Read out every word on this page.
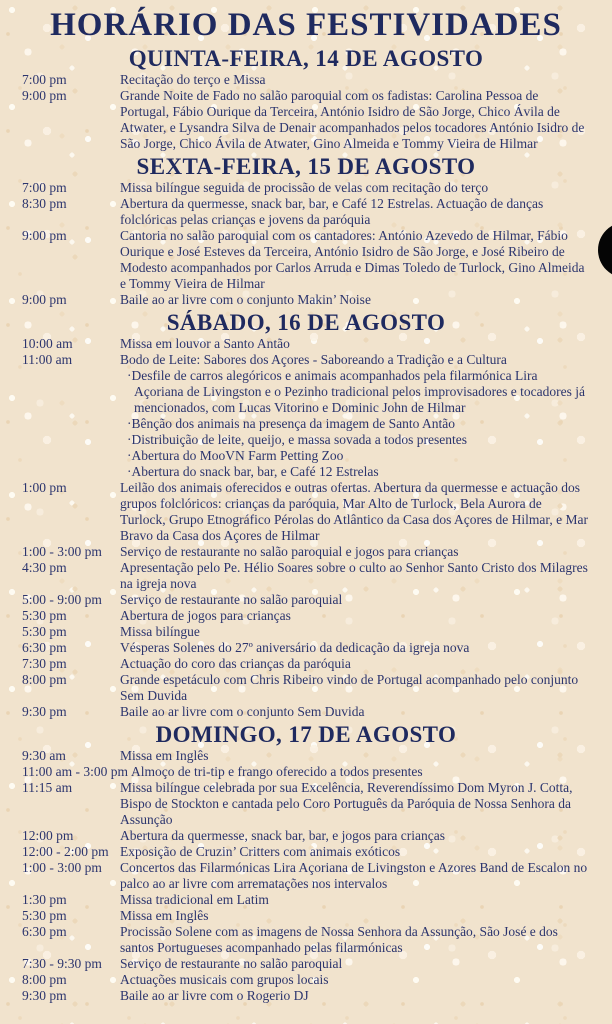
HORÁRIO DAS FESTIVIDADES
QUINTA-FEIRA, 14 DE AGOSTO
7:00 pm	Recitação do terço e Missa
9:00 pm	Grande Noite de Fado no salão paroquial com os fadistas: Carolina Pessoa de Portugal, Fábio Ourique da Terceira, António Isidro de São Jorge, Chico Ávila de Atwater, e Lysandra Silva de Denair acompanhados pelos tocadores António Isidro de São Jorge, Chico Ávila de Atwater, Gino Almeida e Tommy Vieira de Hilmar
SEXTA-FEIRA, 15 DE AGOSTO
7:00 pm	Missa bilíngue seguida de procissão de velas com recitação do terço
8:30 pm	Abertura da quermesse, snack bar, bar, e Café 12 Estrelas. Actuação de danças folclóricas pelas crianças e jovens da paróquia
9:00 pm	Cantoria no salão paroquial com os cantadores: António Azevedo de Hilmar, Fábio Ourique e José Esteves da Terceira, António Isidro de São Jorge, e José Ribeiro de Modesto acompanhados por Carlos Arruda e Dimas Toledo de Turlock, Gino Almeida e Tommy Vieira de Hilmar
9:00 pm	Baile ao ar livre com o conjunto Makin’ Noise
SÁBADO, 16 DE AGOSTO
10:00 am	Missa em louvor a Santo Antão
11:00 am	Bodo de Leite: Sabores dos Açores - Saboreando a Tradição e a Cultura
· Desfile de carros alegóricos e animais acompanhados pela filarmónica Lira Açoriana de Livingston e o Pezinho tradicional pelos improvisadores e tocadores já mencionados, com Lucas Vitorino e Dominic John de Hilmar
· Bênção dos animais na presença da imagem de Santo Antão
· Distribuição de leite, queijo, e massa sovada a todos presentes
· Abertura do MooVN Farm Petting Zoo
· Abertura do snack bar, bar, e Café 12 Estrelas
1:00 pm	Leilão dos animais oferecidos e outras ofertas. Abertura da quermesse e actuação dos grupos folclóricos: crianças da paróquia, Mar Alto de Turlock, Bela Aurora de Turlock, Grupo Etnográfico Pérolas do Atlântico da Casa dos Açores de Hilmar, e Mar Bravo da Casa dos Açores de Hilmar
1:00 - 3:00 pm	Serviço de restaurante no salão paroquial e jogos para crianças
4:30 pm	Apresentação pelo Pe. Hélio Soares sobre o culto ao Senhor Santo Cristo dos Milagres na igreja nova
5:00 - 9:00 pm	Serviço de restaurante no salão paroquial
5:30 pm	Abertura de jogos para crianças
5:30 pm	Missa bilíngue
6:30 pm	Vésperas Solenes do 27º aniversário da dedicação da igreja nova
7:30 pm	Actuação do coro das crianças da paróquia
8:00 pm	Grande espetáculo com Chris Ribeiro vindo de Portugal acompanhado pelo conjunto Sem Duvida
9:30 pm	Baile ao ar livre com o conjunto Sem Duvida
DOMINGO, 17 DE AGOSTO
9:30 am	Missa em Inglês
11:00 am - 3:00 pm Almoço de tri-tip e frango oferecido a todos presentes
11:15 am	Missa bilíngue celebrada por sua Excelência, Reverendíssimo Dom Myron J. Cotta, Bispo de Stockton e cantada pelo Coro Português da Paróquia de Nossa Senhora da Assunção
12:00 pm	Abertura da quermesse, snack bar, bar, e jogos para crianças
12:00 - 2:00 pm Exposição de Cruzin’ Critters com animais exóticos
1:00 - 3:00 pm	Concertos das Filarmónicas Lira Açoriana de Livingston e Azores Band de Escalon no palco ao ar livre com arrematações nos intervalos
1:30 pm	Missa tradicional em Latim
5:30 pm	Missa em Inglês
6:30 pm	Procissão Solene com as imagens de Nossa Senhora da Assunção, São José e dos santos Portugueses acompanhado pelas filarmónicas
7:30 - 9:30 pm	Serviço de restaurante no salão paroquial
8:00 pm	Actuações musicais com grupos locais
9:30 pm	Baile ao ar livre com o Rogerio DJ
